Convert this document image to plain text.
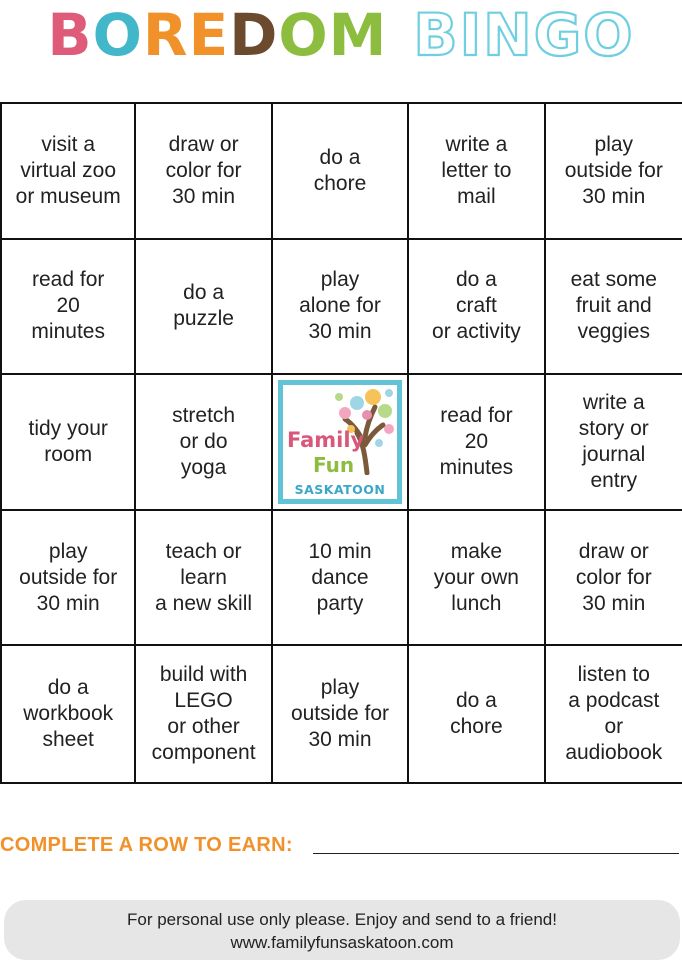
B O R E D O M BINGO
visit a
virtual zoo
or museum
draw or
color for
30 min
do a
chore
write a
letter to
mail
play
outside for
30 min
read for
20
minutes
do a
puzzle
play
alone for
30 min
do a
craft
or activity
eat some
fruit and
veggies
tidy your
room
stretch
or do
yoga

Family

Fun

SASKATOON

read for
20
minutes
write a
story or
journal
entry
play
outside for
30 min
teach or
learn
a new skill
10 min
dance
party
make
your own
lunch
draw or
color for
30 min
do a
workbook
sheet
build with
LEGO
or other
component
play
outside for
30 min
do a
chore
listen to
a podcast
or
audiobook
COMPLETE A ROW TO EARN:
For personal use only please. Enjoy and send to a friend!
www.familyfunsaskatoon.com
